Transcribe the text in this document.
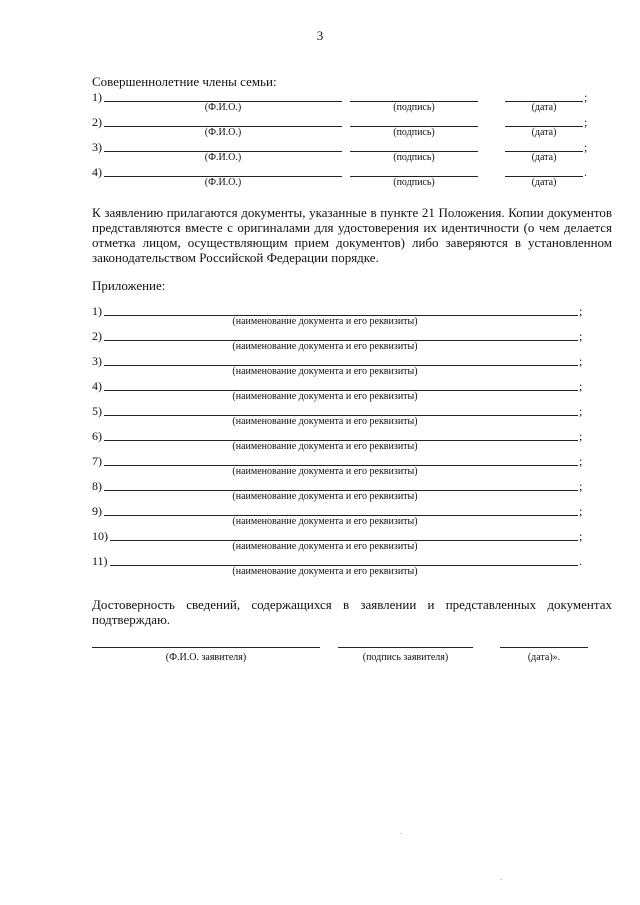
3
Совершеннолетние члены семьи:
1)	;
(Ф.И.О.)	(подпись)	(дата)
2)	;
(Ф.И.О.)	(подпись)	(дата)
3)	;
(Ф.И.О.)	(подпись)	(дата)
4)	.
(Ф.И.О.)	(подпись)	(дата)
К заявлению прилагаются документы, указанные в пункте 21 Положения. Копии документов представляются вместе с оригиналами для удостоверения их идентичности (о чем делается отметка лицом, осуществляющим прием документов) либо заверяются в установленном законодательством Российской Федерации порядке.
Приложение:
1)	;
(наименование документа и его реквизиты)
2)	;
(наименование документа и его реквизиты)
3)	;
(наименование документа и его реквизиты)
4)	;
(наименование документа и его реквизиты)
5)	;
(наименование документа и его реквизиты)
6)	;
(наименование документа и его реквизиты)
7)	;
(наименование документа и его реквизиты)
8)	;
(наименование документа и его реквизиты)
9)	;
(наименование документа и его реквизиты)
10)	;
(наименование документа и его реквизиты)
11)	.
(наименование документа и его реквизиты)
Достоверность сведений, содержащихся в заявлении и представленных документах подтверждаю.
(Ф.И.О. заявителя)	(подпись заявителя)	(дата)».
.
.
